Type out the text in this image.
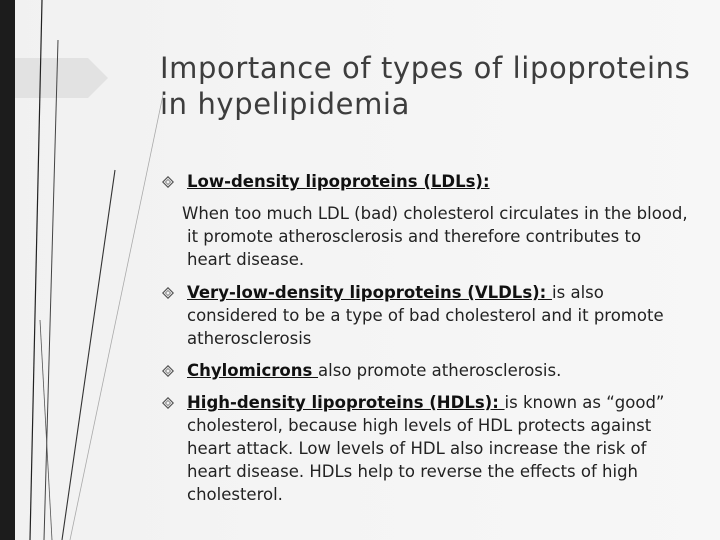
Importance of types of lipoproteins in hypelipidemia
Low-density lipoproteins (LDLs):

When too much LDL (bad) cholesterol circulates in the blood, it promote atherosclerosis and therefore contributes to heart disease.

Very-low-density lipoproteins (VLDLs): is also considered to be a type of bad cholesterol and it promote atherosclerosis
Chylomicrons also promote atherosclerosis.
High-density lipoproteins (HDLs): is known as “good” cholesterol, because high levels of HDL protects against heart attack. Low levels of HDL also increase the risk of heart disease. HDLs help to reverse the effects of high cholesterol.
